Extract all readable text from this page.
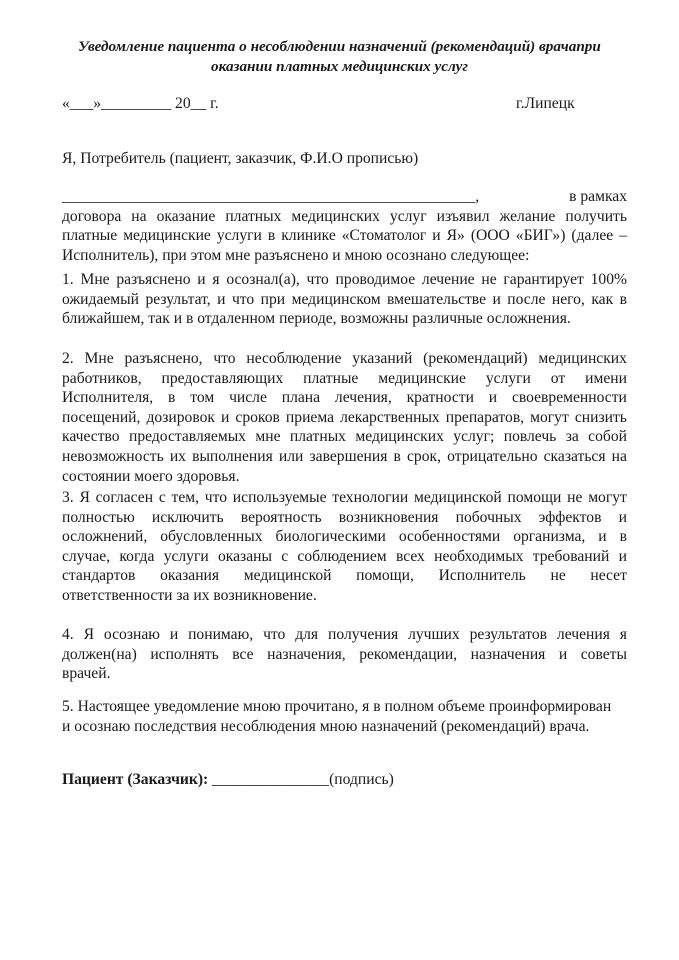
Уведомление пациента о несоблюдении назначений (рекомендаций) врачапри
оказании платных медицинских услуг
«___»_________ 20__ г.	г.Липецк
Я, Потребитель (пациент, заказчик, Ф.И.О прописью)
_____________________________________________________,	в рамках
договора на оказание платных медицинских услуг изъявил желание получить
платные медицинские услуги в клинике «Стоматолог и Я» (ООО «БИГ») (далее –
Исполнитель), при этом мне разъяснено и мною осознано следующее:
1. Мне разъяснено и я осознал(а), что проводимое лечение не гарантирует 100%
ожидаемый результат, и что при медицинском вмешательстве и после него, как в
ближайшем, так и в отдаленном периоде, возможны различные осложнения.
2. Мне разъяснено, что несоблюдение указаний (рекомендаций) медицинских
работников, предоставляющих платные медицинские услуги от имени
Исполнителя, в том числе плана лечения, кратности и своевременности
посещений, дозировок и сроков приема лекарственных препаратов, могут снизить
качество предоставляемых мне платных медицинских услуг; повлечь за собой
невозможность их выполнения или завершения в срок, отрицательно сказаться на
состоянии моего здоровья.
3. Я согласен с тем, что используемые технологии медицинской помощи не могут
полностью исключить вероятность возникновения побочных эффектов и
осложнений, обусловленных биологическими особенностями организма, и в
случае, когда услуги оказаны с соблюдением всех необходимых требований и
стандартов оказания медицинской помощи, Исполнитель не несет
ответственности за их возникновение.
4. Я осознаю и понимаю, что для получения лучших результатов лечения я
должен(на) исполнять все назначения, рекомендации, назначения и советы
врачей.
5. Настоящее уведомление мною прочитано, я в полном объеме проинформирован
и осознаю последствия несоблюдения мною назначений (рекомендаций) врача.
Пациент (Заказчик): _______________(подпись)
